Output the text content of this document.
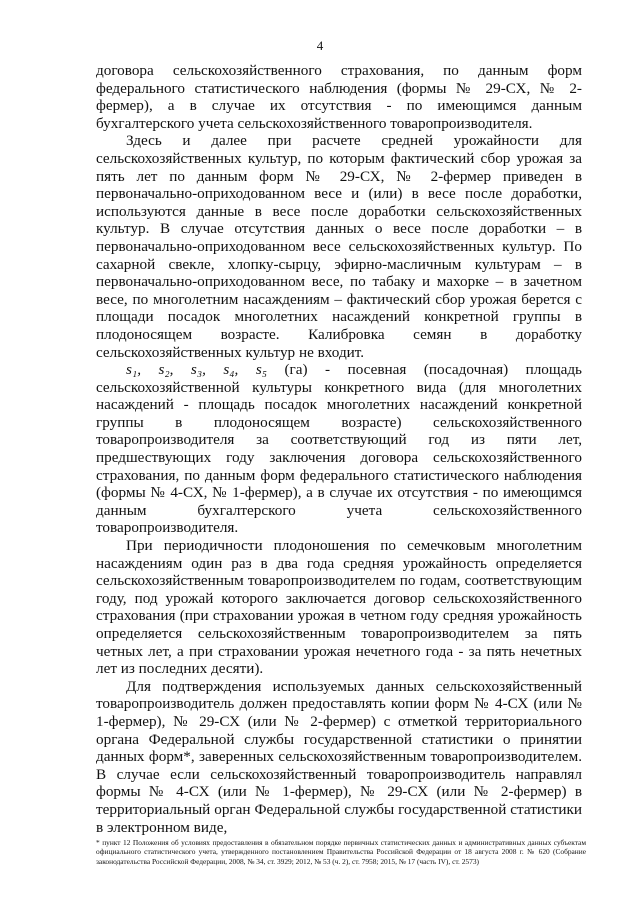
4

договора сельскохозяйственного страхования, по данным форм федерального статистического наблюдения (формы № 29-СХ, № 2-фермер), а в случае их отсутствия - по имеющимся данным бухгалтерского учета сельскохозяйственного товаропроизводителя.

Здесь и далее при расчете средней урожайности для сельскохозяйственных культур, по которым фактический сбор урожая за пять лет по данным форм № 29-СХ, № 2-фермер приведен в первоначально-оприходованном весе и (или) в весе после доработки, используются данные в весе после доработки сельскохозяйственных культур. В случае отсутствия данных о весе после доработки – в первоначально-оприходованном весе сельскохозяйственных культур. По сахарной свекле, хлопку-сырцу, эфирно-масличным культурам – в первоначально-оприходованном весе, по табаку и махорке – в зачетном весе, по многолетним насаждениям – фактический сбор урожая берется с площади посадок многолетних насаждений конкретной группы в плодоносящем возрасте. Калибровка семян в доработку сельскохозяйственных культур не входит.

s₁, s₂, s₃, s₄, s₅ (га) - посевная (посадочная) площадь сельскохозяйственной культуры конкретного вида (для многолетних насаждений - площадь посадок многолетних насаждений конкретной группы в плодоносящем возрасте) сельскохозяйственного товаропроизводителя за соответствующий год из пяти лет, предшествующих году заключения договора сельскохозяйственного страхования, по данным форм федерального статистического наблюдения (формы № 4-СХ, № 1-фермер), а в случае их отсутствия - по имеющимся данным бухгалтерского учета сельскохозяйственного товаропроизводителя.

При периодичности плодоношения по семечковым многолетним насаждениям один раз в два года средняя урожайность определяется сельскохозяйственным товаропроизводителем по годам, соответствующим году, под урожай которого заключается договор сельскохозяйственного страхования (при страховании урожая в четном году средняя урожайность определяется сельскохозяйственным товаропроизводителем за пять четных лет, а при страховании урожая нечетного года - за пять нечетных лет из последних десяти).

Для подтверждения используемых данных сельскохозяйственный товаропроизводитель должен предоставлять копии форм № 4-СХ (или № 1-фермер), № 29-СХ (или № 2-фермер) с отметкой территориального органа Федеральной службы государственной статистики о принятии данных форм*, заверенных сельскохозяйственным товаропроизводителем. В случае если сельскохозяйственный товаропроизводитель направлял формы № 4-СХ (или № 1-фермер), № 29-СХ (или № 2-фермер) в территориальный орган Федеральной службы государственной статистики в электронном виде,

* пункт 12 Положения об условиях предоставления в обязательном порядке первичных статистических данных и административных данных субъектам официального статистического учета, утвержденного постановлением Правительства Российской Федерации от 18 августа 2008 г. № 620 (Собрание законодательства Российской Федерации, 2008, № 34, ст. 3929; 2012, № 53 (ч. 2), ст. 7958; 2015, № 17 (часть IV), ст. 2573)
